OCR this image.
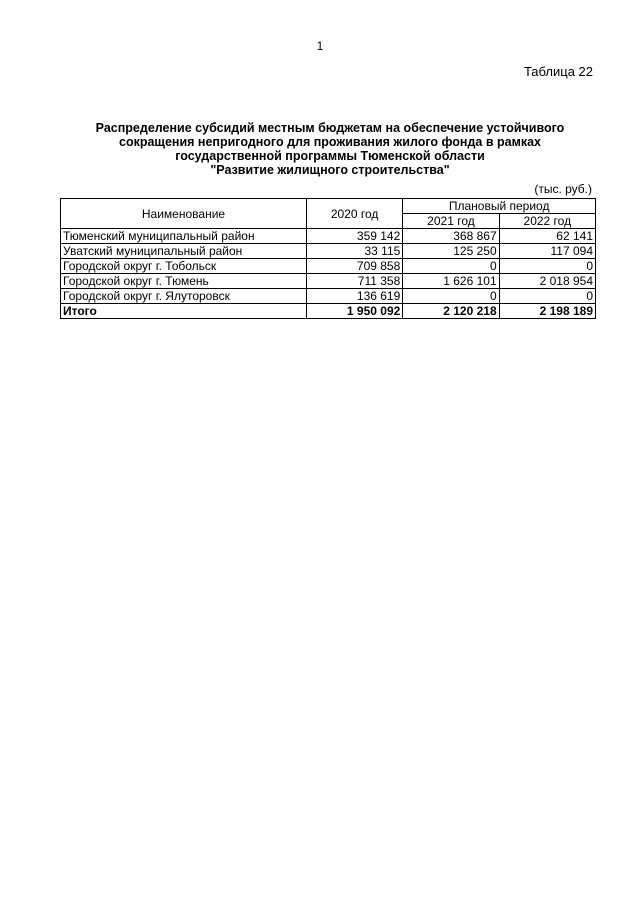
1
Таблица 22
Распределение субсидий местным бюджетам на обеспечение устойчивого
сокращения непригодного для проживания жилого фонда в рамках
государственной программы Тюменской области
"Развитие жилищного строительства"
(тыс. руб.)
Наименование	2020 год	Плановый период	
		2021 год	2022 год
Тюменский муниципальный район	359 142	368 867	62 141
Уватский муниципальный район	33 115	125 250	117 094
Городской округ г. Тобольск	709 858	0	0
Городской округ г. Тюмень	711 358	1 626 101	2 018 954
Городской округ г. Ялуторовск	136 619	0	0
Итого	1 950 092	2 120 218	2 198 189
